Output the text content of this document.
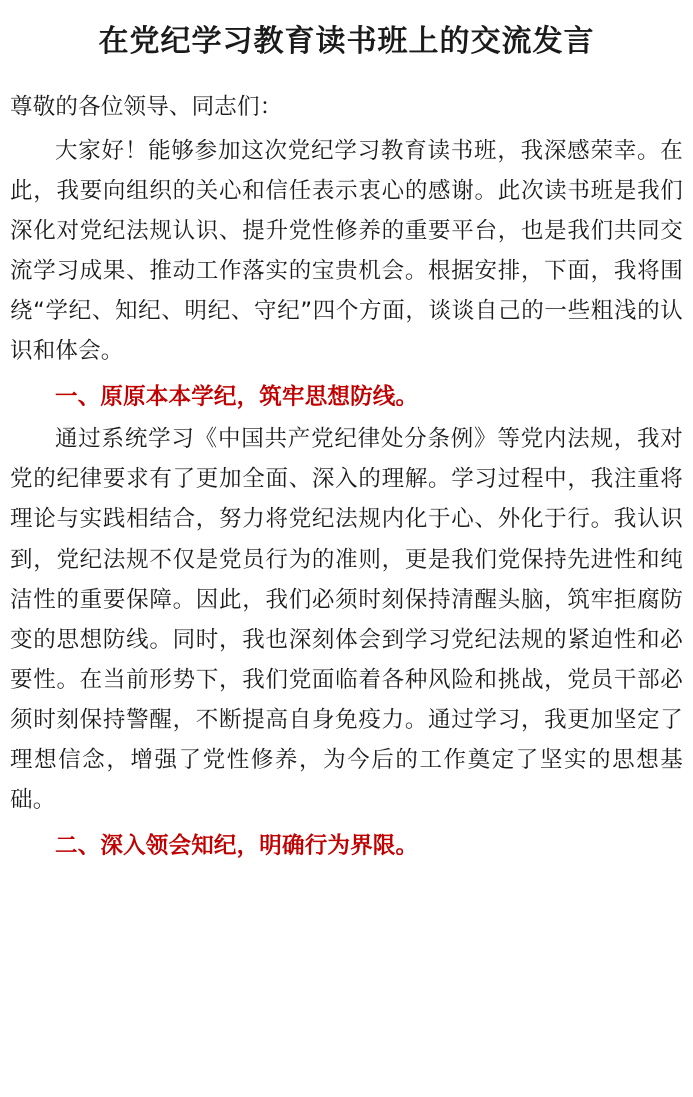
在党纪学习教育读书班上的交流发言

尊敬的各位领导、同志们：

大家好！能够参加这次党纪学习教育读书班，我深感荣幸。在此，我要向组织的关心和信任表示衷心的感谢。此次读书班是我们深化对党纪法规认识、提升党性修养的重要平台，也是我们共同交流学习成果、推动工作落实的宝贵机会。根据安排，下面，我将围绕“学纪、知纪、明纪、守纪”四个方面，谈谈自己的一些粗浅的认识和体会。

一、原原本本学纪，筑牢思想防线。

通过系统学习《中国共产党纪律处分条例》等党内法规，我对党的纪律要求有了更加全面、深入的理解。学习过程中，我注重将理论与实践相结合，努力将党纪法规内化于心、外化于行。我认识到，党纪法规不仅是党员行为的准则，更是我们党保持先进性和纯洁性的重要保障。因此，我们必须时刻保持清醒头脑，筑牢拒腐防变的思想防线。同时，我也深刻体会到学习党纪法规的紧迫性和必要性。在当前形势下，我们党面临着各种风险和挑战，党员干部必须时刻保持警醒，不断提高自身免疫力。通过学习，我更加坚定了理想信念，增强了党性修养，为今后的工作奠定了坚实的思想基础。

二、深入领会知纪，明确行为界限。
